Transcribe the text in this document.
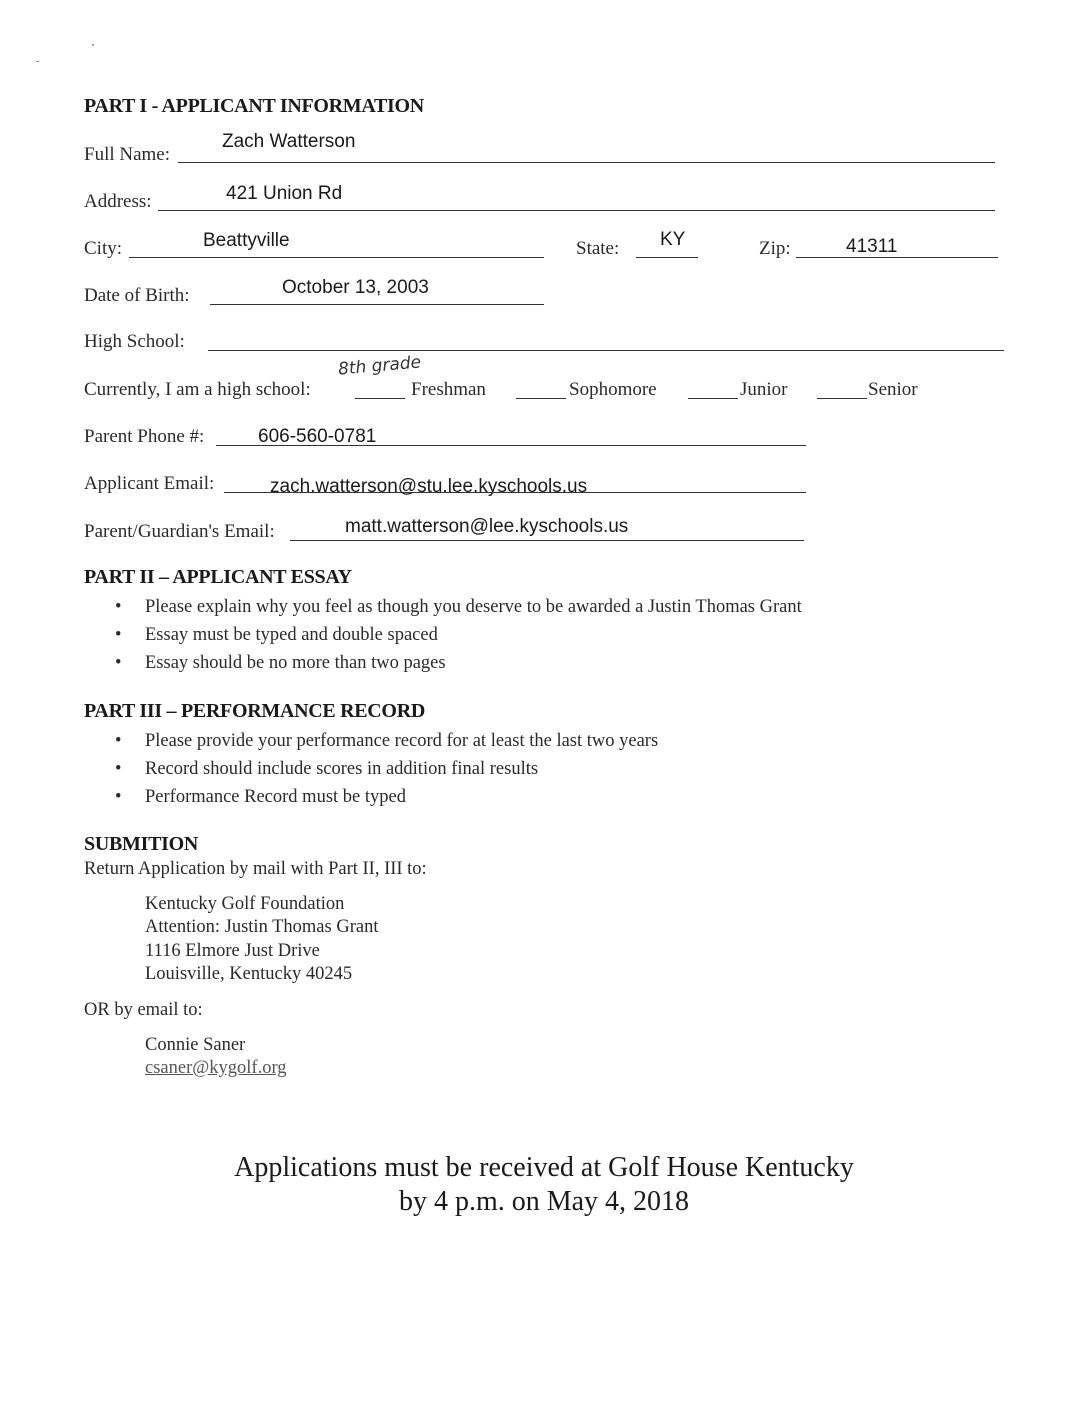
PART I - APPLICANT INFORMATION
Full Name:
Zach Watterson
Address:	421 Union Rd
City:	Beattyville	State: KY	Zip:	41311
Date of Birth:	October 13, 2003
High School:
8th grade
Currently, I am a high school:	Freshman	Sophomore	Junior	Senior
Parent Phone #:	606-560-0781
Applicant Email:	zach.watterson@stu.lee.kyschools.us
Parent/Guardian's Email:	matt.watterson@lee.kyschools.us
PART II – APPLICANT ESSAY
• Please explain why you feel as though you deserve to be awarded a Justin Thomas Grant
• Essay must be typed and double spaced
• Essay should be no more than two pages
PART III – PERFORMANCE RECORD
• Please provide your performance record for at least the last two years
• Record should include scores in addition final results
• Performance Record must be typed
SUBMITION
Return Application by mail with Part II, III to:
Kentucky Golf Foundation
Attention: Justin Thomas Grant
1116 Elmore Just Drive
Louisville, Kentucky 40245
OR by email to:
Connie Saner
csaner@kygolf.org
Applications must be received at Golf House Kentucky
by 4 p.m. on May 4, 2018
